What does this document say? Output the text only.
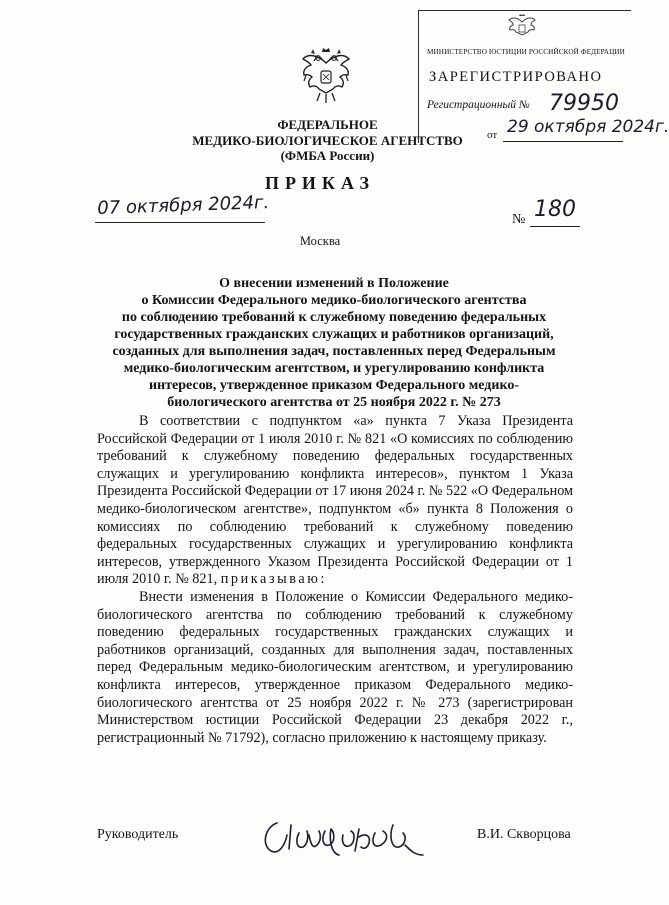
ФЕДЕРАЛЬНОЕ
МЕДИКО-БИОЛОГИЧЕСКОЕ АГЕНТСТВО
(ФМБА России)
МИНИСТЕРСТВО ЮСТИЦИИ РОССИЙСКОЙ ФЕДЕРАЦИИ
ЗАРЕГИСТРИРОВАНО
Регистрационный № 79950
от 29 октября 2024г.
ПРИКАЗ
07 октября 2024г.
№ 180
Москва
О внесении изменений в Положение
о Комиссии Федерального медико-биологического агентства
по соблюдению требований к служебному поведению федеральных
государственных гражданских служащих и работников организаций,
созданных для выполнения задач, поставленных перед Федеральным
медико-биологическим агентством, и урегулированию конфликта
интересов, утвержденное приказом Федерального медико-
биологического агентства от 25 ноября 2022 г. № 273

В соответствии с подпунктом «а» пункта 7 Указа Президента Российской Федерации от 1 июля 2010 г. № 821 «О комиссиях по соблюдению требований к служебному поведению федеральных государственных служащих и урегулированию конфликта интересов», пунктом 1 Указа Президента Российской Федерации от 17 июня 2024 г. № 522 «О Федеральном медико-биологическом агентстве», подпунктом «б» пункта 8 Положения о комиссиях по соблюдению требований к служебному поведению федеральных государственных служащих и урегулированию конфликта интересов, утвержденного Указом Президента Российской Федерации от 1 июля 2010 г. № 821, приказываю:

Внести изменения в Положение о Комиссии Федерального медико-биологического агентства по соблюдению требований к служебному поведению федеральных государственных гражданских служащих и работников организаций, созданных для выполнения задач, поставленных перед Федеральным медико-биологическим агентством, и урегулированию конфликта интересов, утвержденное приказом Федерального медико-биологического агентства от 25 ноября 2022 г. № 273 (зарегистрирован Министерством юстиции Российской Федерации 23 декабря 2022 г., регистрационный № 71792), согласно приложению к настоящему приказу.

Руководитель	В.И. Скворцова
